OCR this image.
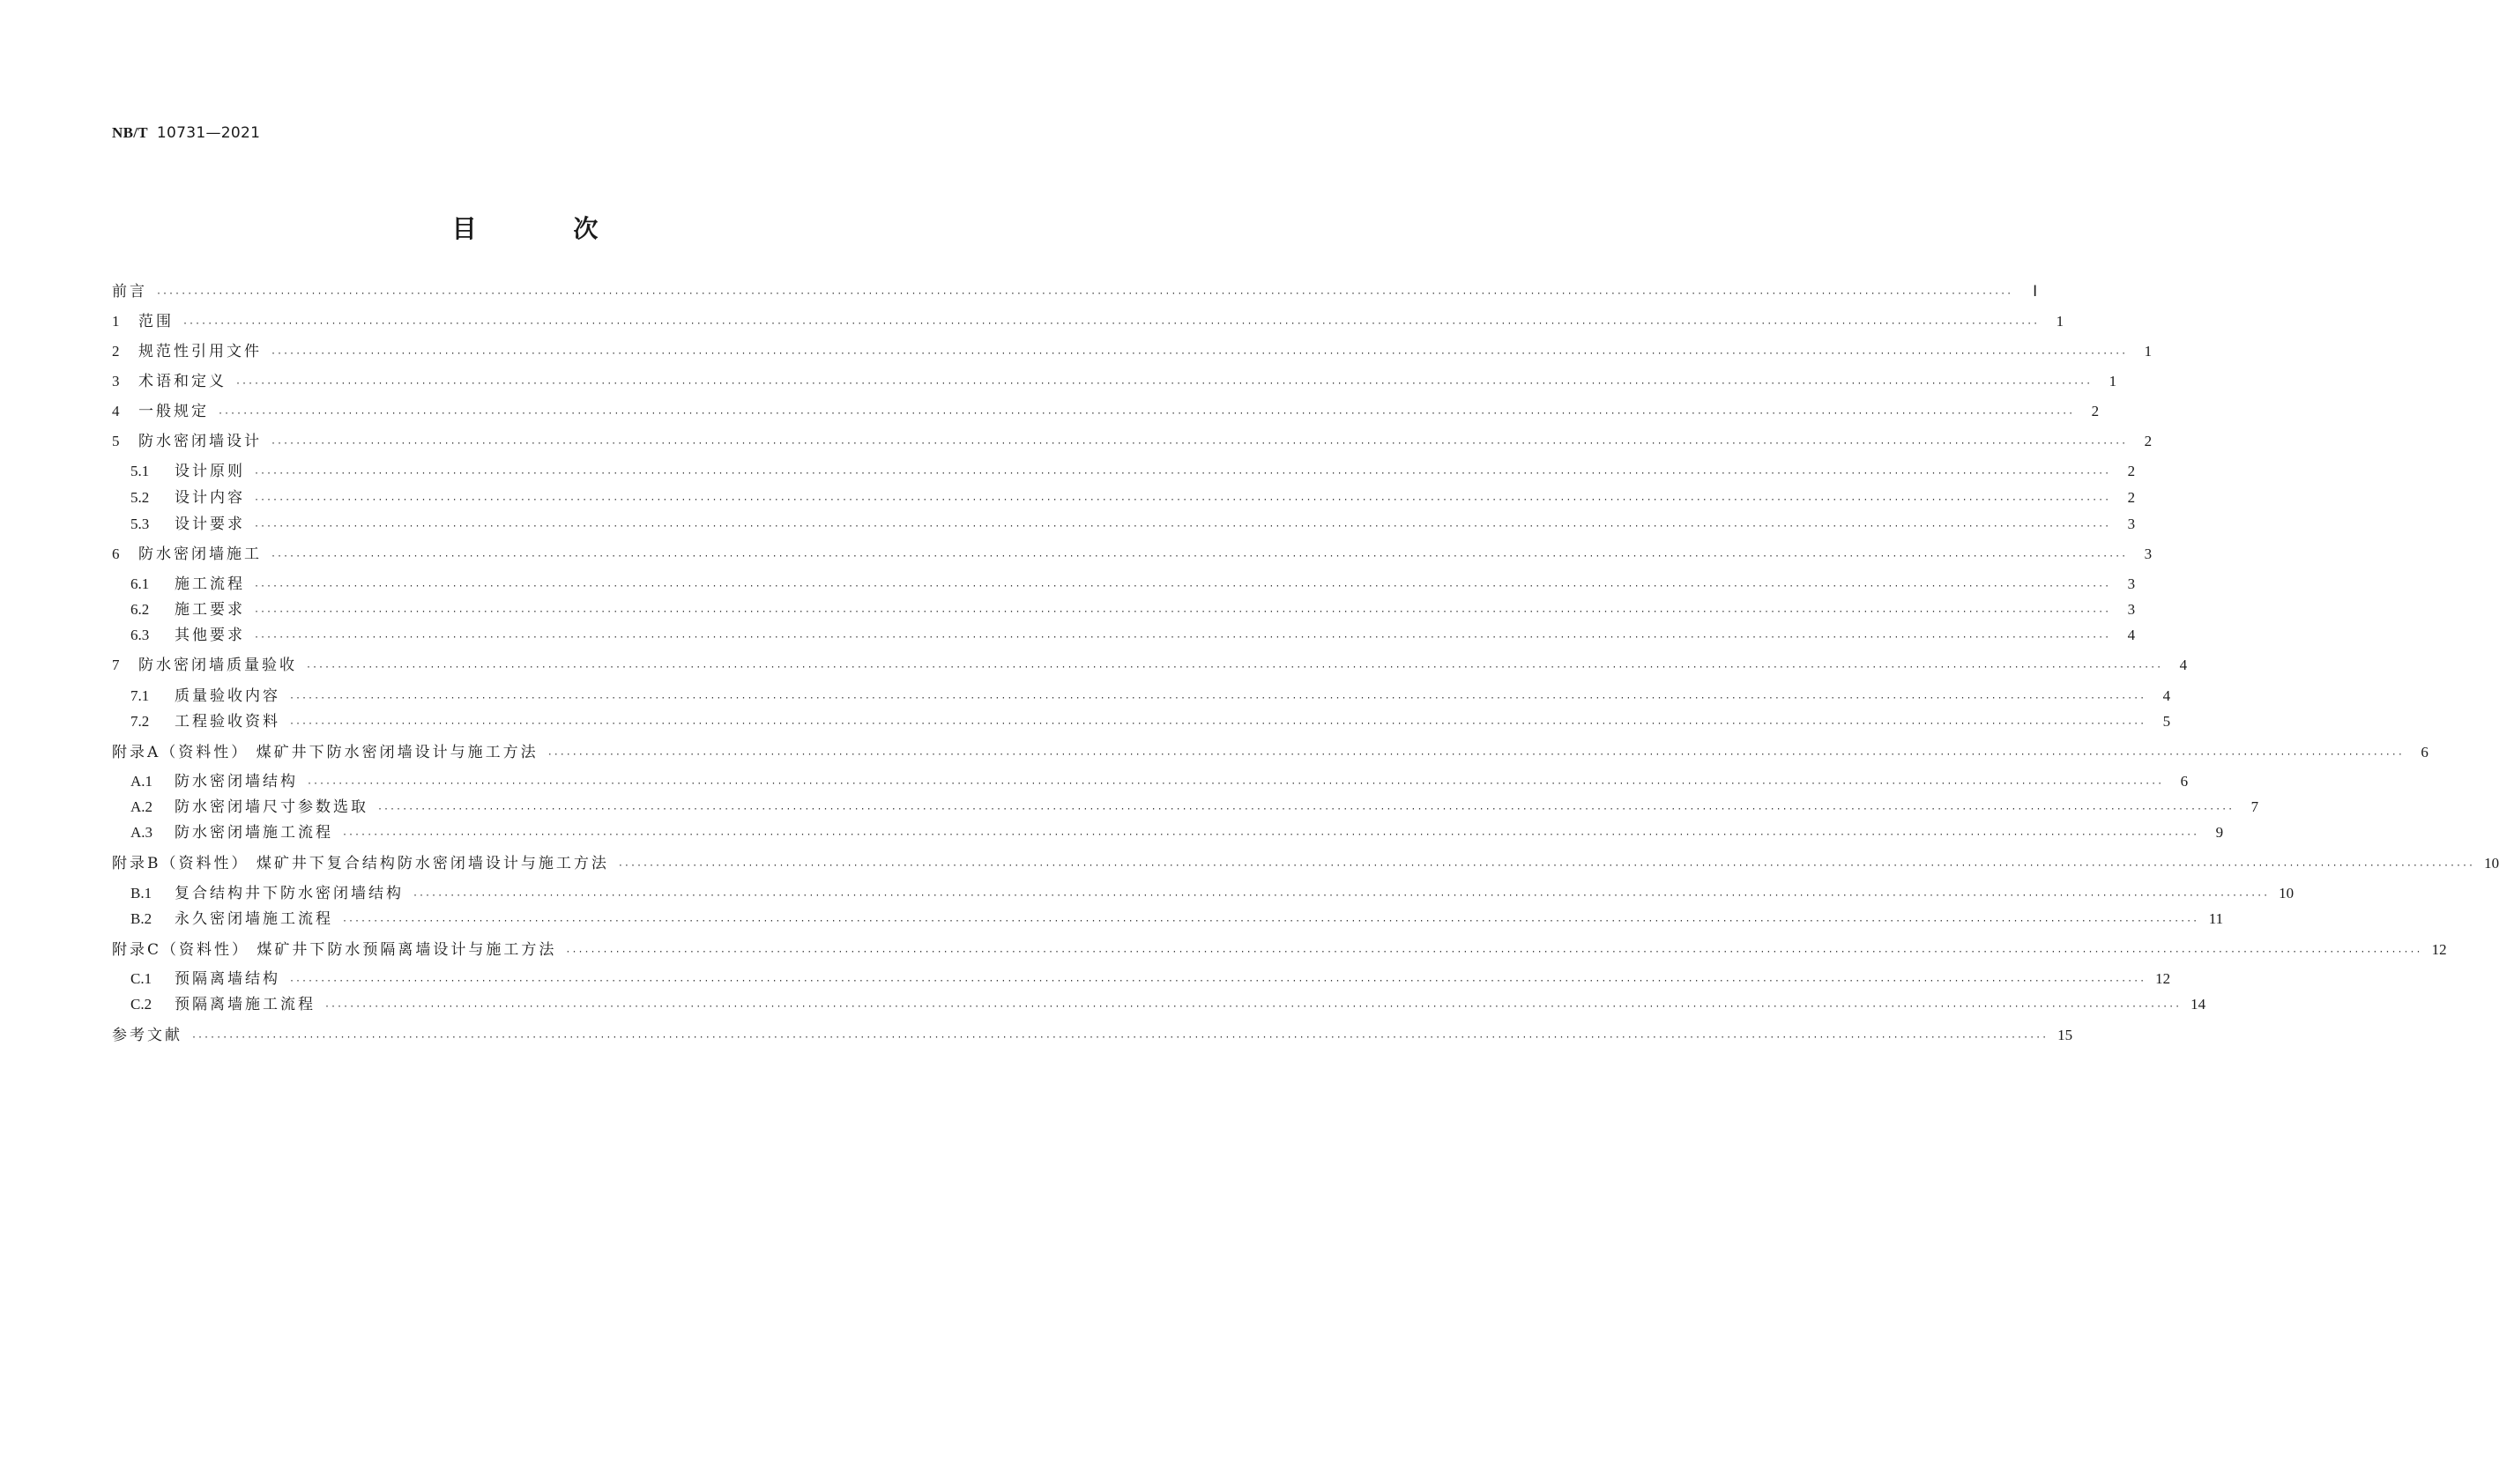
NB/T 10731—2021
目 次
前言 ············································································································································································································································································································	Ⅰ
1	范围 ············································································································································································································································································································	1
2	规范性引用文件 ············································································································································································································································································································	1
3	术语和定义 ············································································································································································································································································································	1
4	一般规定 ············································································································································································································································································································	2
5	防水密闭墙设计 ············································································································································································································································································································	2
5.1	设计原则 ············································································································································································································································································································	2
5.2	设计内容 ············································································································································································································································································································	2
5.3	设计要求 ············································································································································································································································································································	3
6	防水密闭墙施工 ············································································································································································································································································································	3
6.1	施工流程 ············································································································································································································································································································	3
6.2	施工要求 ············································································································································································································································································································	3
6.3	其他要求 ············································································································································································································································································································	4
7	防水密闭墙质量验收 ············································································································································································································································································································	4
7.1	质量验收内容 ············································································································································································································································································································	4
7.2	工程验收资料 ············································································································································································································································································································	5
附录A（资料性） 煤矿井下防水密闭墙设计与施工方法 ············································································································································································································································································································	6
A.1	防水密闭墙结构 ············································································································································································································································································································	6
A.2	防水密闭墙尺寸参数选取 ············································································································································································································································································································	7
A.3	防水密闭墙施工流程 ············································································································································································································································································································	9
附录B（资料性） 煤矿井下复合结构防水密闭墙设计与施工方法 ············································································································································································································································································································ 10
B.1	复合结构井下防水密闭墙结构 ············································································································································································································································································································ 10
B.2	永久密闭墙施工流程 ············································································································································································································································································································ 11
附录C（资料性） 煤矿井下防水预隔离墙设计与施工方法 ············································································································································································································································································································ 12
C.1	预隔离墙结构 ············································································································································································································································································································ 12
C.2	预隔离墙施工流程 ············································································································································································································································································································ 14
参考文献 ············································································································································································································································································································ 15
